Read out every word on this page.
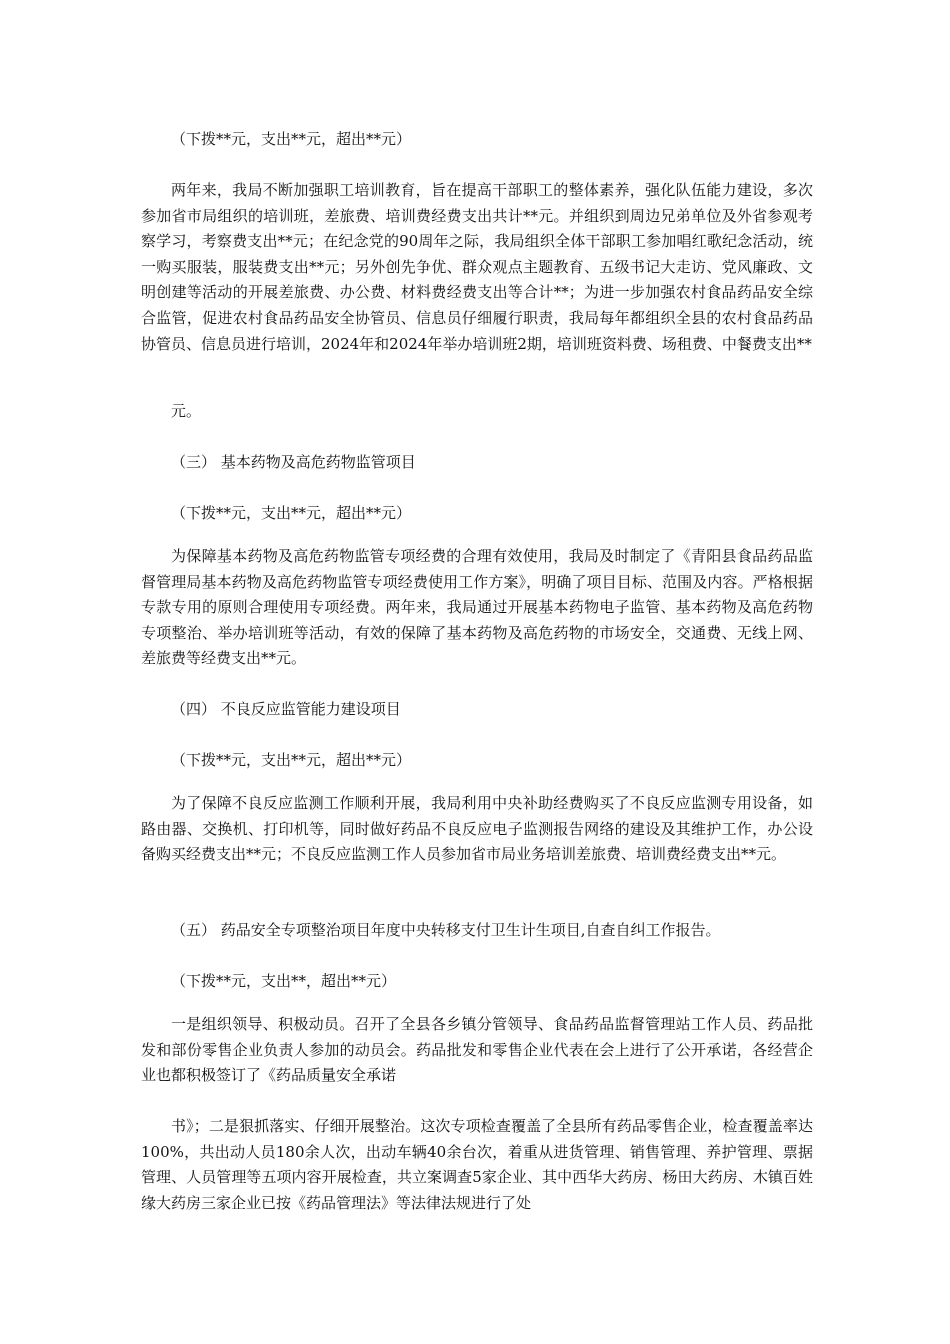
（下拨**元，支出**元，超出**元）

两年来，我局不断加强职工培训教育，旨在提高干部职工的整体素养，强化队伍能力建设，多次参加省市局组织的培训班，差旅费、培训费经费支出共计**元。并组织到周边兄弟单位及外省参观考察学习，考察费支出**元；在纪念党的90周年之际，我局组织全体干部职工参加唱红歌纪念活动，统一购买服装，服装费支出**元；另外创先争优、群众观点主题教育、五级书记大走访、党风廉政、文明创建等活动的开展差旅费、办公费、材料费经费支出等合计**；为进一步加强农村食品药品安全综合监管，促进农村食品药品安全协管员、信息员仔细履行职责，我局每年都组织全县的农村食品药品协管员、信息员进行培训，2024年和2024年举办培训班2期，培训班资料费、场租费、中餐费支出**

元。

（三） 基本药物及高危药物监管项目

（下拨**元，支出**元，超出**元）

为保障基本药物及高危药物监管专项经费的合理有效使用，我局及时制定了《青阳县食品药品监督管理局基本药物及高危药物监管专项经费使用工作方案》，明确了项目目标、范围及内容。严格根据专款专用的原则合理使用专项经费。两年来，我局通过开展基本药物电子监管、基本药物及高危药物专项整治、举办培训班等活动，有效的保障了基本药物及高危药物的市场安全，交通费、无线上网、差旅费等经费支出**元。

（四） 不良反应监管能力建设项目

（下拨**元，支出**元，超出**元）

为了保障不良反应监测工作顺利开展，我局利用中央补助经费购买了不良反应监测专用设备，如路由器、交换机、打印机等，同时做好药品不良反应电子监测报告网络的建设及其维护工作，办公设备购买经费支出**元；不良反应监测工作人员参加省市局业务培训差旅费、培训费经费支出**元。

（五） 药品安全专项整治项目年度中央转移支付卫生计生项目,自查自纠工作报告。

（下拨**元，支出**，超出**元）

一是组织领导、积极动员。召开了全县各乡镇分管领导、食品药品监督管理站工作人员、药品批发和部份零售企业负责人参加的动员会。药品批发和零售企业代表在会上进行了公开承诺，各经营企业也都积极签订了《药品质量安全承诺

书》；二是狠抓落实、仔细开展整治。这次专项检查覆盖了全县所有药品零售企业，检查覆盖率达100%，共出动人员180余人次，出动车辆40余台次，着重从进货管理、销售管理、养护管理、票据管理、人员管理等五项内容开展检查，共立案调查5家企业、其中西华大药房、杨田大药房、木镇百姓缘大药房三家企业已按《药品管理法》等法律法规进行了处
